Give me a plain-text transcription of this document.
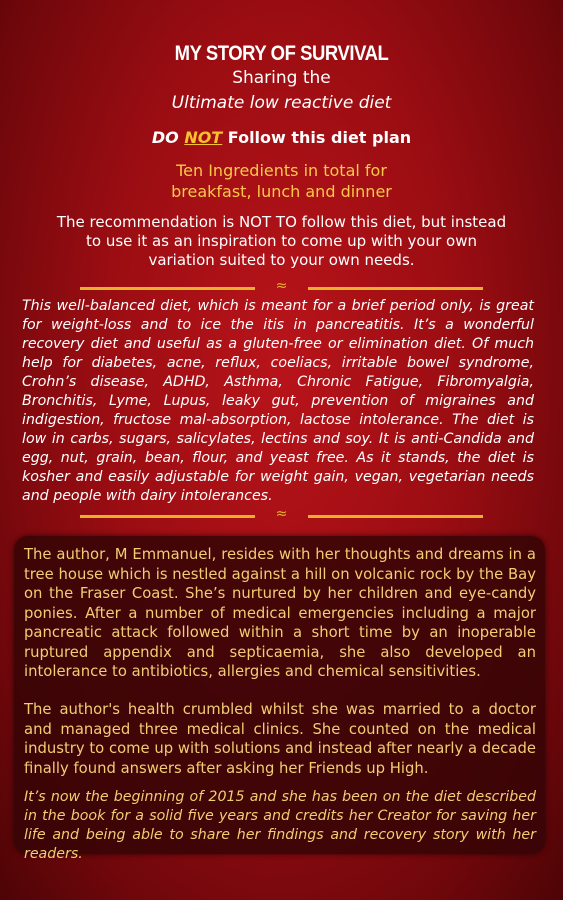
MY STORY OF SURVIVAL
Sharing the
Ultimate low reactive diet
DO NOT Follow this diet plan
Ten Ingredients in total for
breakfast, lunch and dinner
The recommendation is NOT TO follow this diet, but instead
to use it as an inspiration to come up with your own
variation suited to your own needs.
≈
This well-balanced diet, which is meant for a brief period only, is great for weight-loss and to ice the itis in pancreatitis. It’s a wonderful recovery diet and useful as a gluten-free or elimination diet. Of much help for diabetes, acne, reflux, coeliacs, irritable bowel syndrome, Crohn’s disease, ADHD, Asthma, Chronic Fatigue, Fibromyalgia, Bronchitis, Lyme, Lupus, leaky gut, prevention of migraines and indigestion, fructose mal-absorption, lactose intolerance. The diet is low in carbs, sugars, salicylates, lectins and soy. It is anti-Candida and egg, nut, grain, bean, flour, and yeast free. As it stands, the diet is kosher and easily adjustable for weight gain, vegan, vegetarian needs and people with dairy intolerances.
≈
The author, M Emmanuel, resides with her thoughts and dreams in a tree house which is nestled against a hill on volcanic rock by the Bay on the Fraser Coast. She’s nurtured by her children and eye-candy ponies. After a number of medical emergencies including a major pancreatic attack followed within a short time by an inoperable ruptured appendix and septicaemia, she also developed an intolerance to antibiotics, allergies and chemical sensitivities.
The author's health crumbled whilst she was married to a doctor and managed three medical clinics. She counted on the medical industry to come up with solutions and instead after nearly a decade finally found answers after asking her Friends up High.
It’s now the beginning of 2015 and she has been on the diet described in the book for a solid five years and credits her Creator for saving her life and being able to share her findings and recovery story with her readers.
